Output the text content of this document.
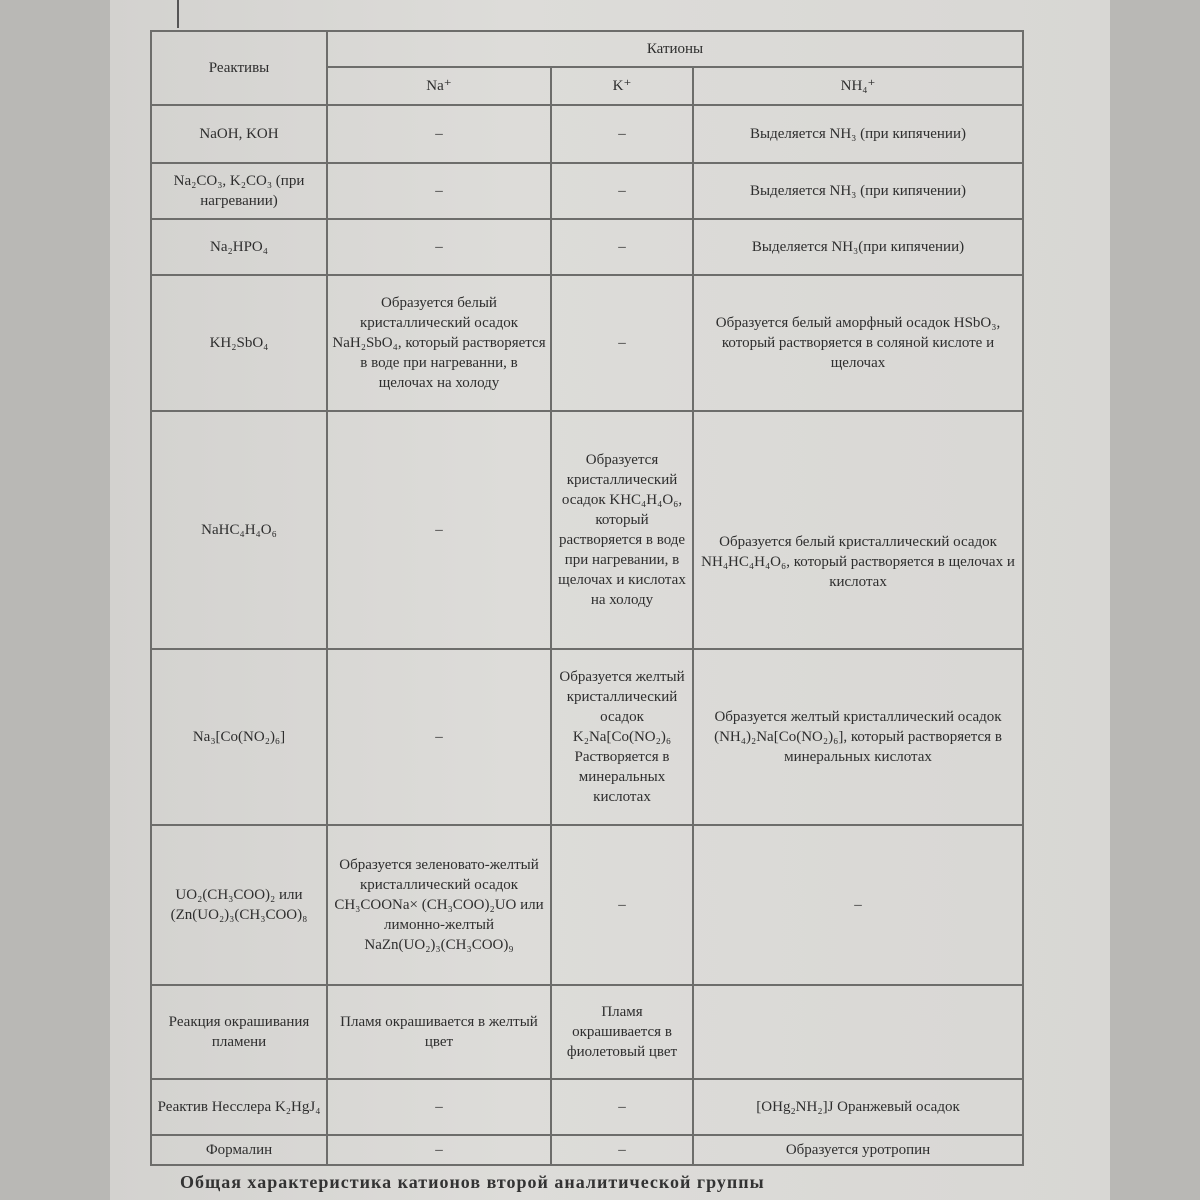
Реактивы	Катионы		
	Na⁺	K⁺	NH₄⁺
NaOH, KOH	–	–	Выделяется NH₃ (при кипячении)
Na₂CO₃, K₂CO₃ (при нагревании)	–	–	Выделяется NH₃ (при кипячении)
Na₂HPO₄	–	–	Выделяется NH₃(при кипячении)
KH₂SbO₄	Образуется белый кристаллический осадок NaH₂SbO₄, который растворяется в воде при нагреванни, в щелочах на холоду	–	Образуется белый аморфный осадок HSbO₃, который растворяется в соляной кислоте и щелочах
NaHC₄H₄O₆	–	Образуется кристаллический осадок KHC₄H₄O₆, который растворяется в воде при нагревании, в щелочах и кислотах на холоду	Образуется белый кристаллический осадок NH₄HC₄H₄O₆, который растворяется в щелочах и кислотах
Na₃[Co(NO₂)₆]	–	Образуется желтый кристаллический осадок K₂Na[Co(NO₂)₆ Растворяется в минеральных кислотах	Образуется желтый кристаллический осадок (NH₄)₂Na[Co(NO₂)₆], который растворяется в минеральных кислотах
UO₂(CH₃COO)₂ или (Zn(UO₂)₃(CH₃COO)₈	Образуется зеленовато-желтый кристаллический осадок CH₃COONa× (CH₃COO)₂UO или лимонно-желтый NaZn(UO₂)₃(CH₃COO)₉	–	–
Реакция окрашивания пламени	Пламя окрашивается в желтый цвет	Пламя окрашивается в фиолетовый цвет	
Реактив Несслера K₂HgJ₄	–	–	[OHg₂NH₂]J Оранжевый осадок
Формалин	–	–	Образуется уротропин
Общая характеристика катионов второй аналитической группы
